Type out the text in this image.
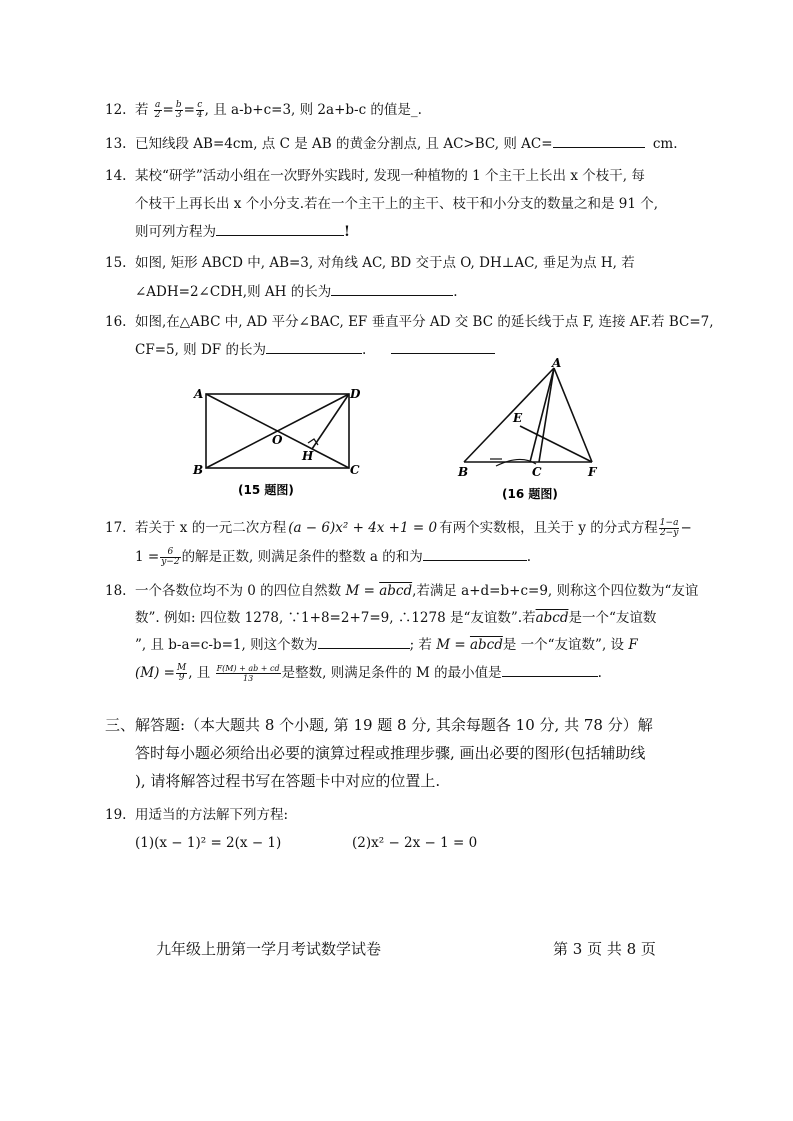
12. 若 $\frac{a}{2} = \frac{b}{3} = \frac{c}{4}$ , 且 a-b+c=3, 则 2a+b-c 的值是_.
13. 已知线段 AB=4cm, 点 C 是 AB 的黄金分割点, 且 AC>BC, 则 AC=	cm.
14. 某校“研学”活动小组在一次野外实践时, 发现一种植物的 1 个主干上长出 x 个枝干, 每
个枝干上再长出 x 个小分支.若在一个主干上的主干、枝干和小分支的数量之和是 91 个,
则可列方程为	!
15. 如图, 矩形 ABCD 中, AB=3, 对角线 AC, BD 交于点 O, DH⊥AC, 垂足为点 H, 若
∠ADH=2∠CDH,则 AH 的长为	.
16. 如图,在△ABC 中, AD 平分∠BAC, EF 垂直平分 AD 交 BC 的延长线于点 F, 连接 AF.若 BC=7,
CF=5, 则 DF 的长为	.
A	D
B	C
O
H
(15 题图)
A
E
B	C	F
(16 题图)
17. 若关于 x 的一元二次方程 (a − 6)x² + 4x +1 = 0 有两个实数根，且关于 y 的分式方程 $\frac{1-a}{2-y}$ −
$1 = \frac{6}{y-2}$ 的解是正数, 则满足条件的整数 a 的和为	.
18. 一个各数位均不为 0 的四位自然数 M = abcd,若满足 a+d=b+c=9, 则称这个四位数为“友谊
数”. 例如: 四位数 1278, ∵1+8=2+7=9, ∴1278 是“友谊数”.若abcd是一个“友谊数
”, 且 b-a=c-b=1, 则这个数为	; 若 M = abcd是 一个“友谊数”, 设 F
$(M) = \frac{M}{9}$ , 且 $\frac{F(M) + ab + cd}{13}$ 是整数, 则满足条件的 M 的最小值是	.
三、解答题:（本大题共 8 个小题, 第 19 题 8 分, 其余每题各 10 分, 共 78 分）解
答时每小题必须给出必要的演算过程或推理步骤, 画出必要的图形(包括辅助线
), 请将解答过程书写在答题卡中对应的位置上.
19. 用适当的方法解下列方程:
(1)(x − 1)² = 2(x − 1)	(2)x² − 2x − 1 = 0
九年级上册第一学月考试数学试卷	第 3 页 共 8 页
